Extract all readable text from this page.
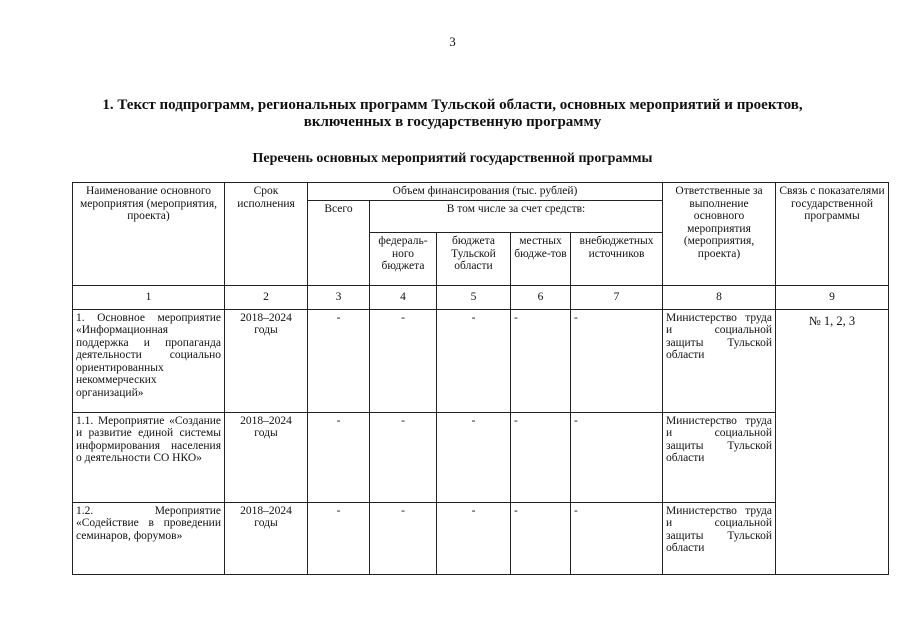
3
1. Текст подпрограмм, региональных программ Тульской области, основных мероприятий и проектов,
включенных в государственную программу
Перечень основных мероприятий государственной программы
Наименование основного мероприятия (мероприятия, проекта)	Срок исполнения	Объем финансирования (тыс. рублей)					Ответственные за выполнение основного мероприятия (мероприятия, проекта)	Связь с показателями государственной программы
		Всего	В том числе за счет средств:					
			федераль-ного бюджета	бюджета Тульской области	местных бюдже-тов	внебюджетных источников		
1	2	3	4	5	6	7	8	9
1. Основное мероприятие «Информационная поддержка и пропаганда деятельности социально ориентированных некоммерческих организаций»	2018–2024 годы	-	-	-	-	-	Министерство труда и социальной защиты Тульской области	№ 1, 2, 3
1.1. Мероприятие «Создание и развитие единой системы информирования населения о деятельности СО НКО»	2018–2024 годы	-	-	-	-	-	Министерство труда и социальной защиты Тульской области	
1.2. Мероприятие «Содействие в проведении семинаров, форумов»	2018–2024 годы	-	-	-	-	-	Министерство труда и социальной защиты Тульской области	
